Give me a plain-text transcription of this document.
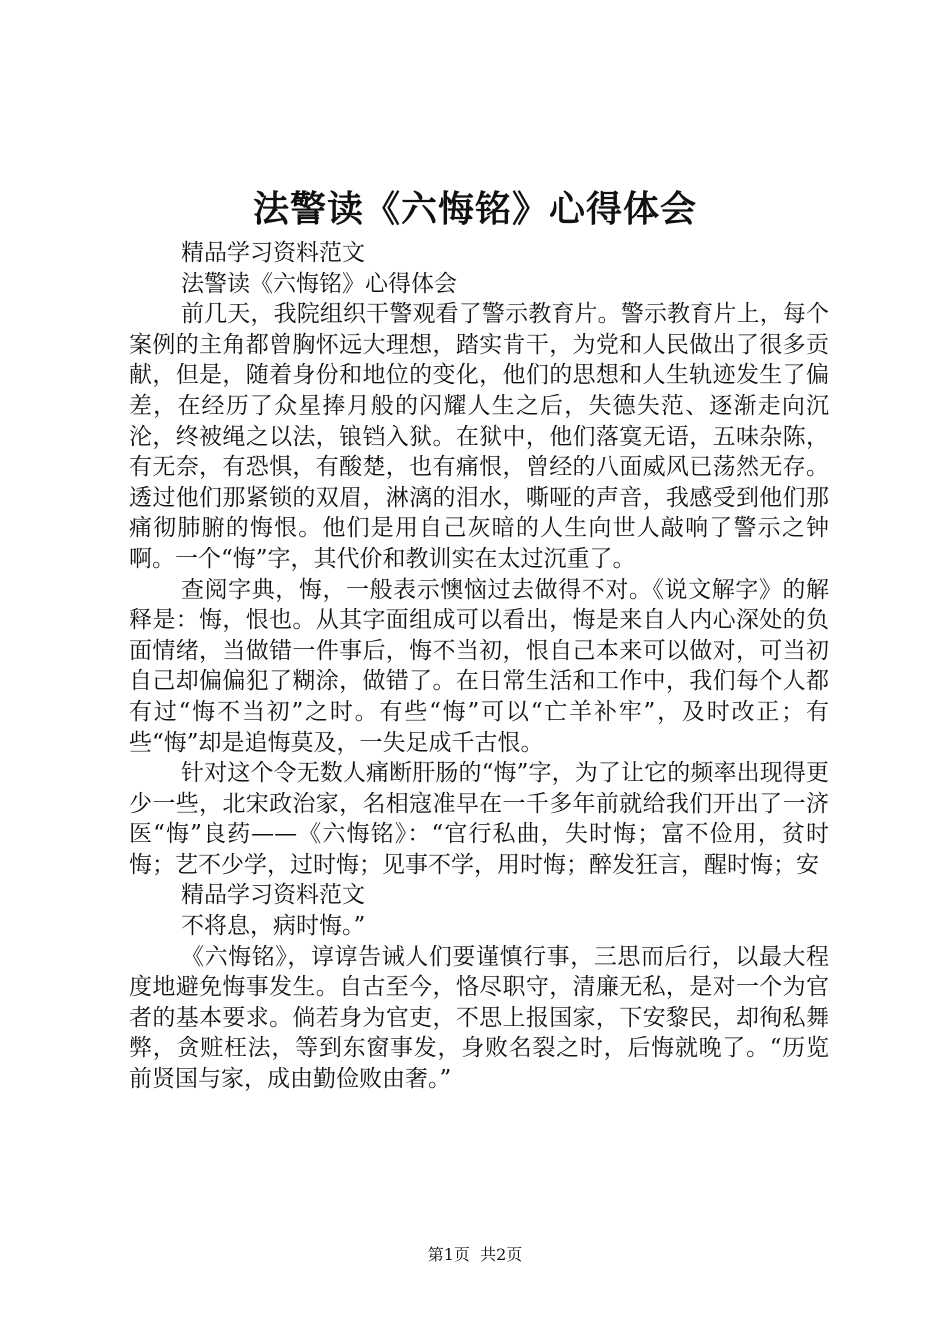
法警读《六悔铭》心得体会

精品学习资料范文

法警读《六悔铭》心得体会

前几天，我院组织干警观看了警示教育片。警示教育片上，每个案例的主角都曾胸怀远大理想，踏实肯干，为党和人民做出了很多贡献，但是，随着身份和地位的变化，他们的思想和人生轨迹发生了偏差，在经历了众星捧月般的闪耀人生之后，失德失范、逐渐走向沉沦，终被绳之以法，锒铛入狱。在狱中，他们落寞无语，五味杂陈，有无奈，有恐惧，有酸楚，也有痛恨，曾经的八面威风已荡然无存。透过他们那紧锁的双眉，淋漓的泪水，嘶哑的声音，我感受到他们那痛彻肺腑的悔恨。他们是用自己灰暗的人生向世人敲响了警示之钟啊。一个“悔”字，其代价和教训实在太过沉重了。

查阅字典，悔，一般表示懊恼过去做得不对。《说文解字》的解释是：悔，恨也。从其字面组成可以看出，悔是来自人内心深处的负面情绪，当做错一件事后，悔不当初，恨自己本来可以做对，可当初自己却偏偏犯了糊涂，做错了。在日常生活和工作中，我们每个人都有过“悔不当初”之时。有些“悔”可以“亡羊补牢”，及时改正；有些“悔”却是追悔莫及，一失足成千古恨。

针对这个令无数人痛断肝肠的“悔”字，为了让它的频率出现得更少一些，北宋政治家，名相寇准早在一千多年前就给我们开出了一济医“悔”良药——《六悔铭》：“官行私曲，失时悔；富不俭用，贫时悔；艺不少学，过时悔；见事不学，用时悔；醉发狂言，醒时悔；安

精品学习资料范文

不将息，病时悔。”

《六悔铭》，谆谆告诫人们要谨慎行事，三思而后行，以最大程度地避免悔事发生。自古至今，恪尽职守，清廉无私，是对一个为官者的基本要求。倘若身为官吏，不思上报国家，下安黎民，却徇私舞弊，贪赃枉法，等到东窗事发，身败名裂之时，后悔就晚了。“历览前贤国与家，成由勤俭败由奢。”

第1页  共2页
